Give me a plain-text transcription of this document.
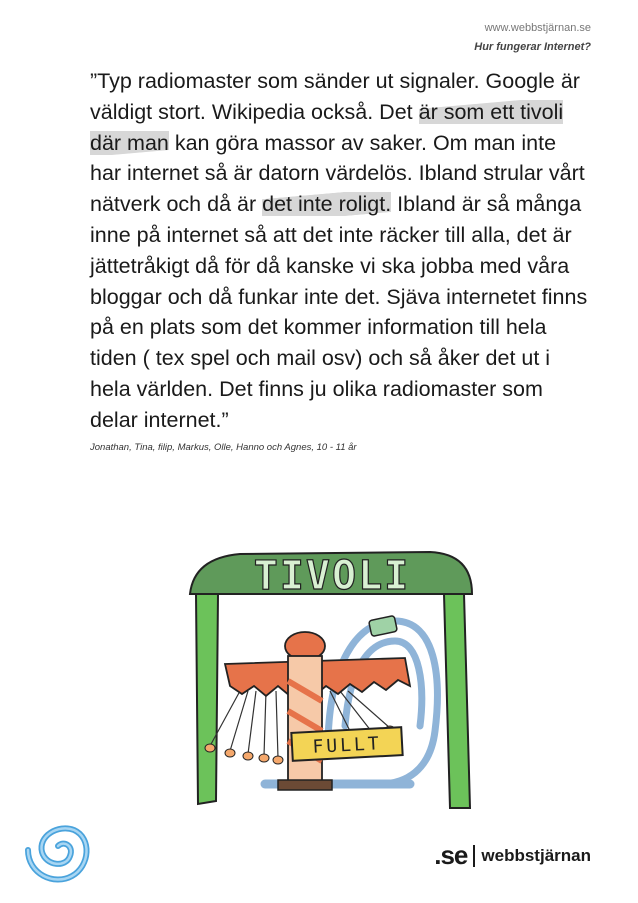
www.webbstjärnan.se
Hur fungerar Internet?

”Typ radiomaster som sänder ut signaler. Google är väldigt stort. Wikipedia också. Det är som ett tivoli där man kan göra massor av saker. Om man inte har internet så är datorn värdelös. Ibland strular vårt nätverk och då är det inte roligt. Ibland är så många inne på internet så att det inte räcker till alla, det är jättetråkigt då för då kanske vi ska jobba med våra bloggar och då funkar inte det. Sjäva internetet finns på en plats som det kommer information till hela tiden ( tex spel och mail osv) och så åker det ut i hela världen. Det finns ju olika radiomaster som delar internet.”

Jonathan, Tina, filip, Markus, Olle, Hanno och Agnes, 10 - 11 år
TIVOLI
FULLT
.se webbstjärnan
